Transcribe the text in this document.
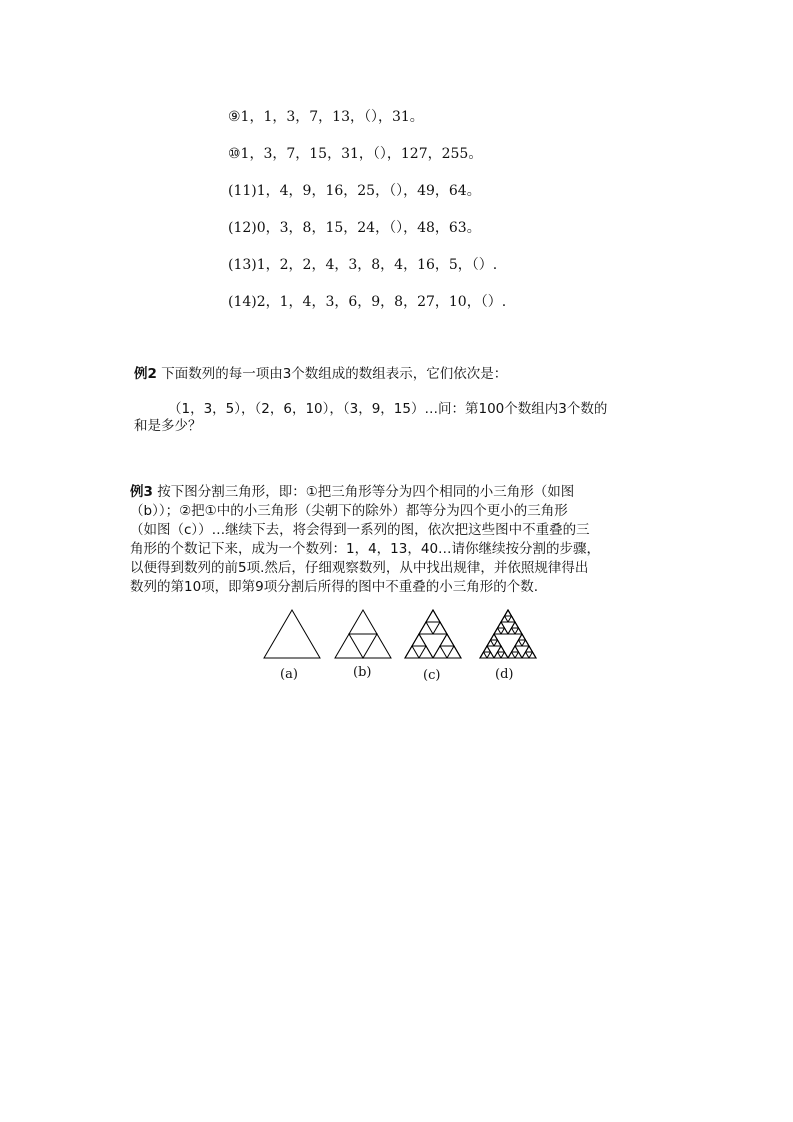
⑨1，1，3，7，13，（），31。
⑩1，3，7，15，31，（），127，255。
(11)1，4，9，16，25，（），49，64。
(12)0，3，8，15，24，（），48，63。
(13)1，2，2，4，3，8，4，16，5，（）.
(14)2，1，4，3，6，9，8，27，10，（）.
例2 下面数列的每一项由3个数组成的数组表示，它们依次是：
（1，3，5），（2，6，10），（3，9，15）…问：第100个数组内3个数的
和是多少？
例3 按下图分割三角形，即：①把三角形等分为四个相同的小三角形（如图
（b））；②把①中的小三角形（尖朝下的除外）都等分为四个更小的三角形
（如图（c））…继续下去，将会得到一系列的图，依次把这些图中不重叠的三
角形的个数记下来，成为一个数列：1，4，13，40…请你继续按分割的步骤，
以便得到数列的前5项.然后，仔细观察数列，从中找出规律，并依照规律得出
数列的第10项，即第9项分割后所得的图中不重叠的小三角形的个数.
(a)	(b)	(c)	(d)
